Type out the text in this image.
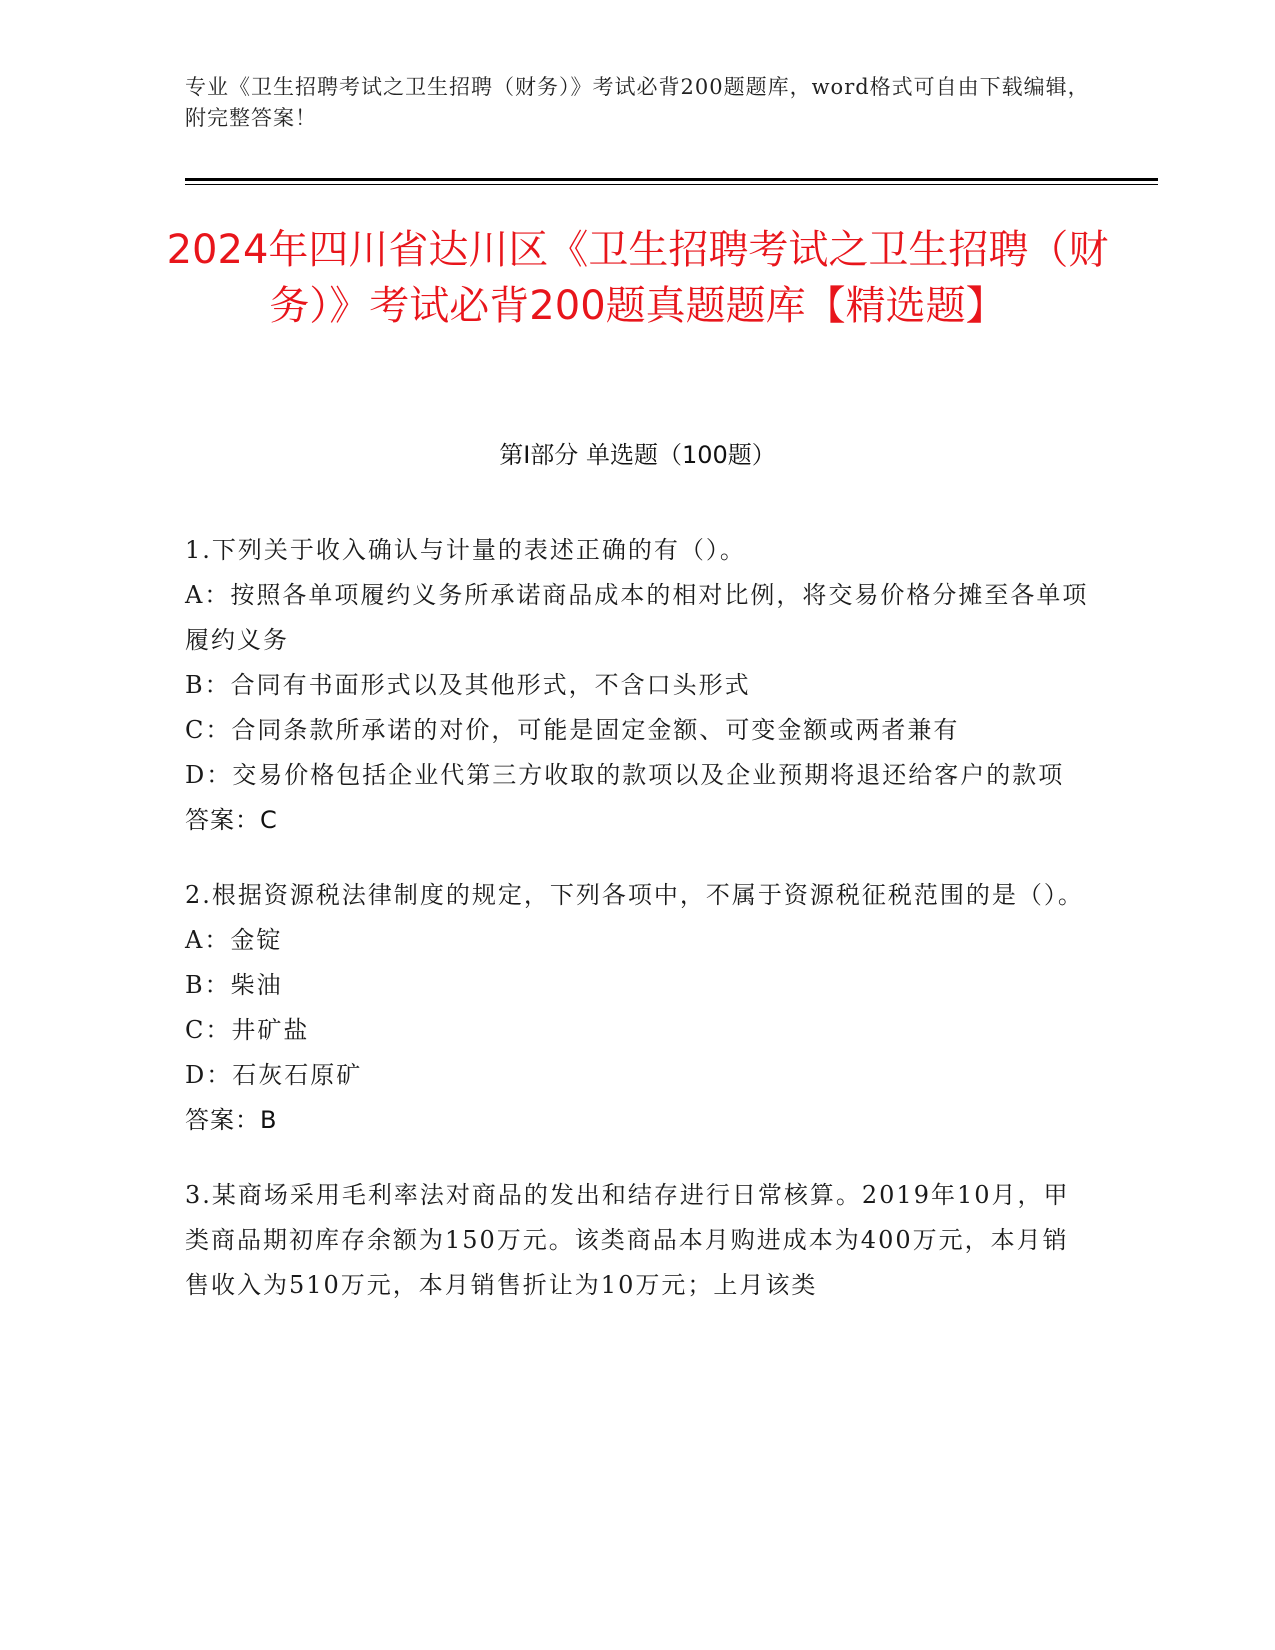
专业《卫生招聘考试之卫生招聘（财务）》考试必背200题题库，word格式可自由下载编辑，附完整答案！
2024年四川省达川区《卫生招聘考试之卫生招聘（财务）》考试必背200题真题题库【精选题】
第I部分 单选题（100题）
1.下列关于收入确认与计量的表述正确的有（）。
A：按照各单项履约义务所承诺商品成本的相对比例，将交易价格分摊至各单项履约义务
B：合同有书面形式以及其他形式，不含口头形式
C：合同条款所承诺的对价，可能是固定金额、可变金额或两者兼有
D：交易价格包括企业代第三方收取的款项以及企业预期将退还给客户的款项
答案：C
2.根据资源税法律制度的规定，下列各项中，不属于资源税征税范围的是（）。
A：金锭
B：柴油
C：井矿盐
D：石灰石原矿
答案：B
3.某商场采用毛利率法对商品的发出和结存进行日常核算。2019年10月，甲类商品期初库存余额为150万元。该类商品本月购进成本为400万元，本月销售收入为510万元，本月销售折让为10万元；上月该类
